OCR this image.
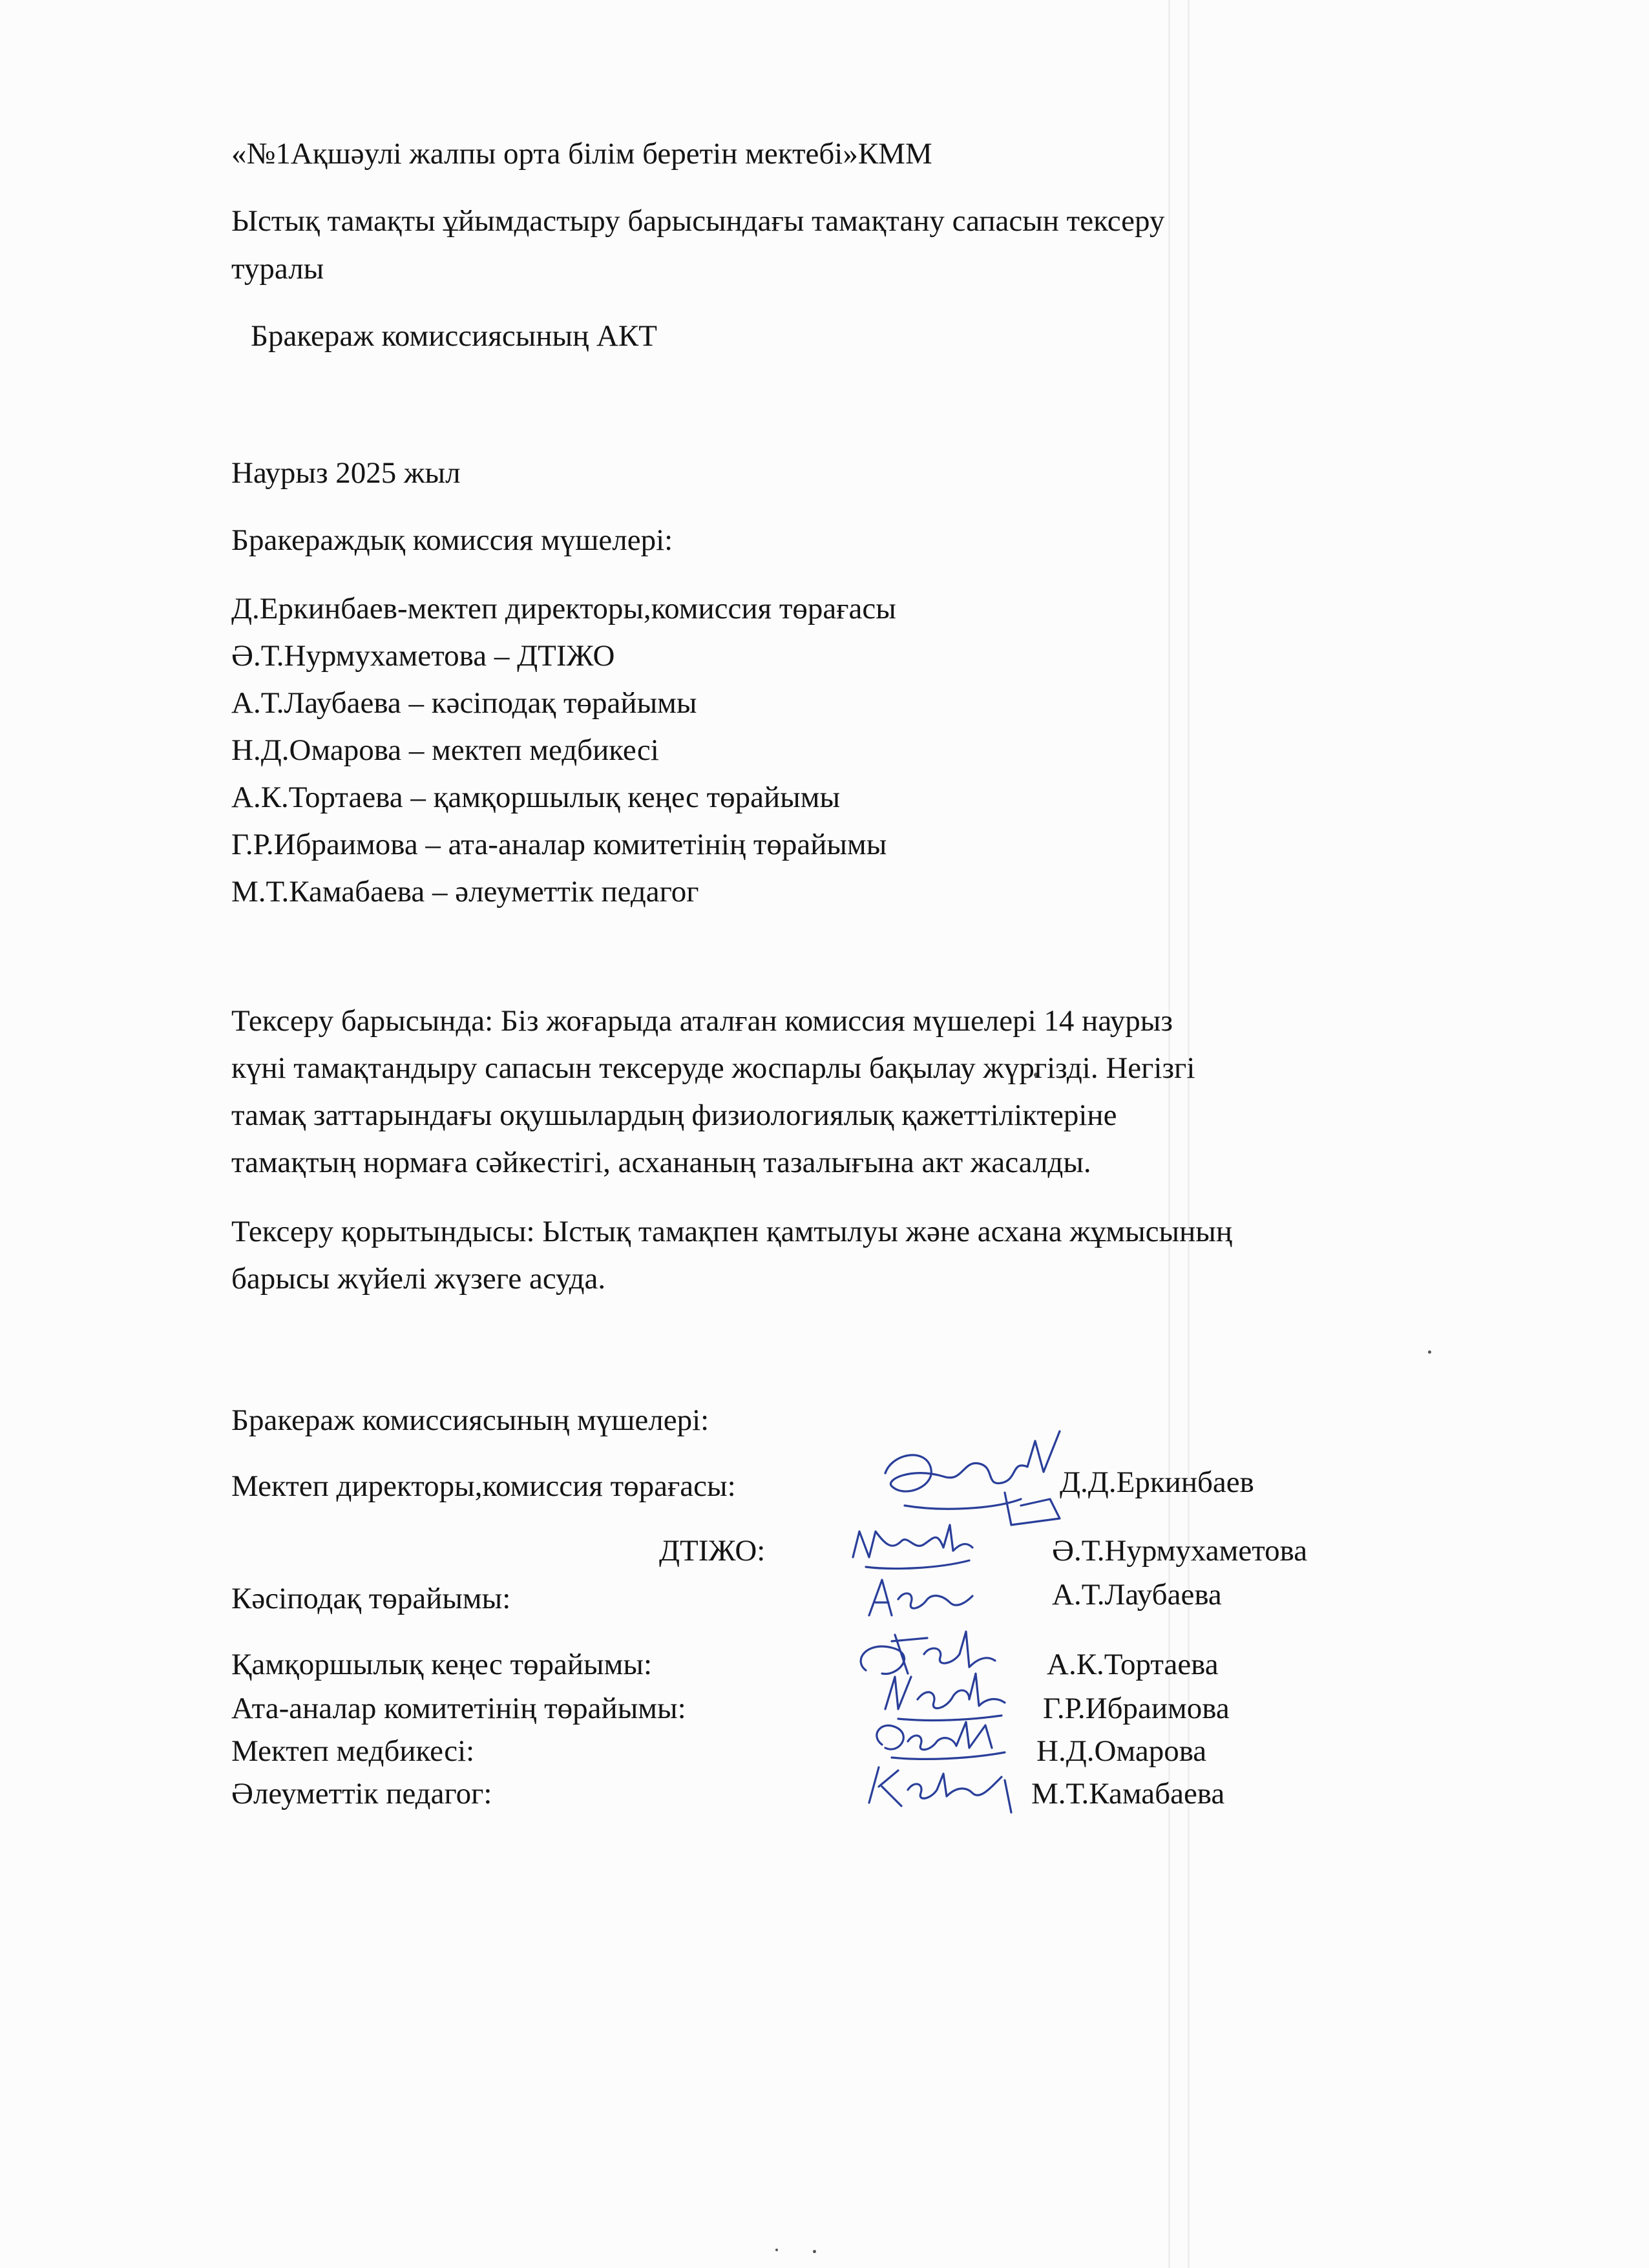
«№1Ақшәулі жалпы орта білім беретін мектебі»КММ
Ыстық тамақты ұйымдастыру барысындағы тамақтану сапасын тексеру
туралы
Бракераж комиссиясының АКТ
Наурыз 2025 жыл
Бракераждық комиссия мүшелері:
Д.Еркинбаев-мектеп директоры,комиссия төрағасы
Ә.Т.Нурмухаметова – ДТІЖО
А.Т.Лаубаева – кәсіподақ төрайымы
Н.Д.Омарова – мектеп медбикесі
А.К.Тортаева – қамқоршылық кеңес төрайымы
Г.Р.Ибраимова – ата-аналар комитетінің төрайымы
М.Т.Камабаева – әлеуметтік педагог
Тексеру барысында: Біз жоғарыда аталған комиссия мүшелері 14 наурыз
күні тамақтандыру сапасын тексеруде жоспарлы бақылау жүргізді. Негізгі
тамақ заттарындағы оқушылардың физиологиялық қажеттіліктеріне
тамақтың нормаға сәйкестігі, асхананың тазалығына акт жасалды.
Тексеру қорытындысы: Ыстық тамақпен қамтылуы және асхана жұмысының
барысы жүйелі жүзеге асуда.
Бракераж комиссиясының мүшелері:
Мектеп директоры,комиссия төрағасы:	Д.Д.Еркинбаев
ДТІЖО:	Ә.Т.Нурмухаметова
Кәсіподақ төрайымы:	А.Т.Лаубаева
Қамқоршылық кеңес төрайымы:	А.К.Тортаева
Ата-аналар комитетінің төрайымы:	Г.Р.Ибраимова
Мектеп медбикесі:	Н.Д.Омарова
Әлеуметтік педагог:	М.Т.Камабаева
